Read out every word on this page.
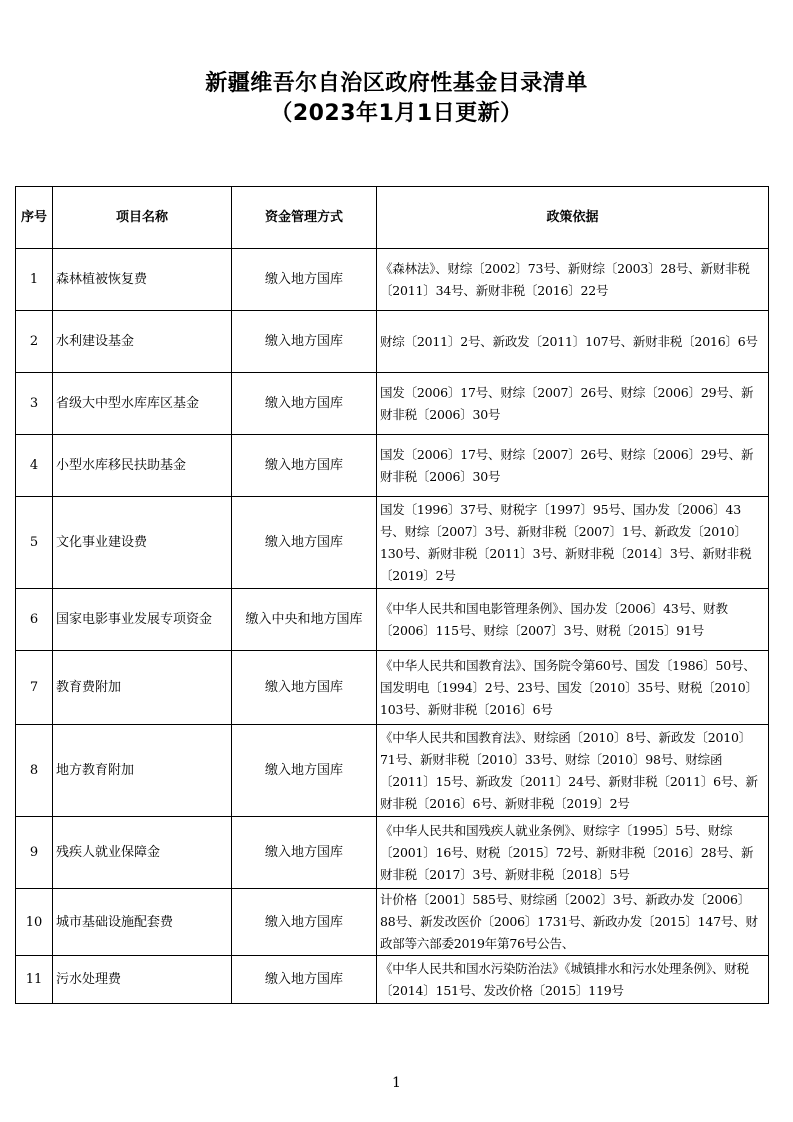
新疆维吾尔自治区政府性基金目录清单
（2023年1月1日更新）
序号	项目名称	资金管理方式	政策依据
1	森林植被恢复费	缴入地方国库	《森林法》、财综〔2002〕73号、新财综〔2003〕28号、新财非税〔2011〕34号、新财非税〔2016〕22号
2	水利建设基金	缴入地方国库	财综〔2011〕2号、新政发〔2011〕107号、新财非税〔2016〕6号
3	省级大中型水库库区基金	缴入地方国库	国发〔2006〕17号、财综〔2007〕26号、财综〔2006〕29号、新财非税〔2006〕30号
4	小型水库移民扶助基金	缴入地方国库	国发〔2006〕17号、财综〔2007〕26号、财综〔2006〕29号、新财非税〔2006〕30号
5	文化事业建设费	缴入地方国库	国发〔1996〕37号、财税字〔1997〕95号、国办发〔2006〕43号、财综〔2007〕3号、新财非税〔2007〕1号、新政发〔2010〕130号、新财非税〔2011〕3号、新财非税〔2014〕3号、新财非税〔2019〕2号
6	国家电影事业发展专项资金	缴入中央和地方国库	《中华人民共和国电影管理条例》、国办发〔2006〕43号、财教〔2006〕115号、财综〔2007〕3号、财税〔2015〕91号
7	教育费附加	缴入地方国库	《中华人民共和国教育法》、国务院令第60号、国发〔1986〕50号、国发明电〔1994〕2号、23号、国发〔2010〕35号、财税〔2010〕103号、新财非税〔2016〕6号
8	地方教育附加	缴入地方国库	《中华人民共和国教育法》、财综函〔2010〕8号、新政发〔2010〕71号、新财非税〔2010〕33号、财综〔2010〕98号、财综函〔2011〕15号、新政发〔2011〕24号、新财非税〔2011〕6号、新财非税〔2016〕6号、新财非税〔2019〕2号
9	残疾人就业保障金	缴入地方国库	《中华人民共和国残疾人就业条例》、财综字〔1995〕5号、财综〔2001〕16号、财税〔2015〕72号、新财非税〔2016〕28号、新财非税〔2017〕3号、新财非税〔2018〕5号
10	城市基础设施配套费	缴入地方国库	计价格〔2001〕585号、财综函〔2002〕3号、新政办发〔2006〕88号、新发改医价〔2006〕1731号、新政办发〔2015〕147号、财政部等六部委2019年第76号公告、
11	污水处理费	缴入地方国库	《中华人民共和国水污染防治法》《城镇排水和污水处理条例》、财税〔2014〕151号、发改价格〔2015〕119号
1
